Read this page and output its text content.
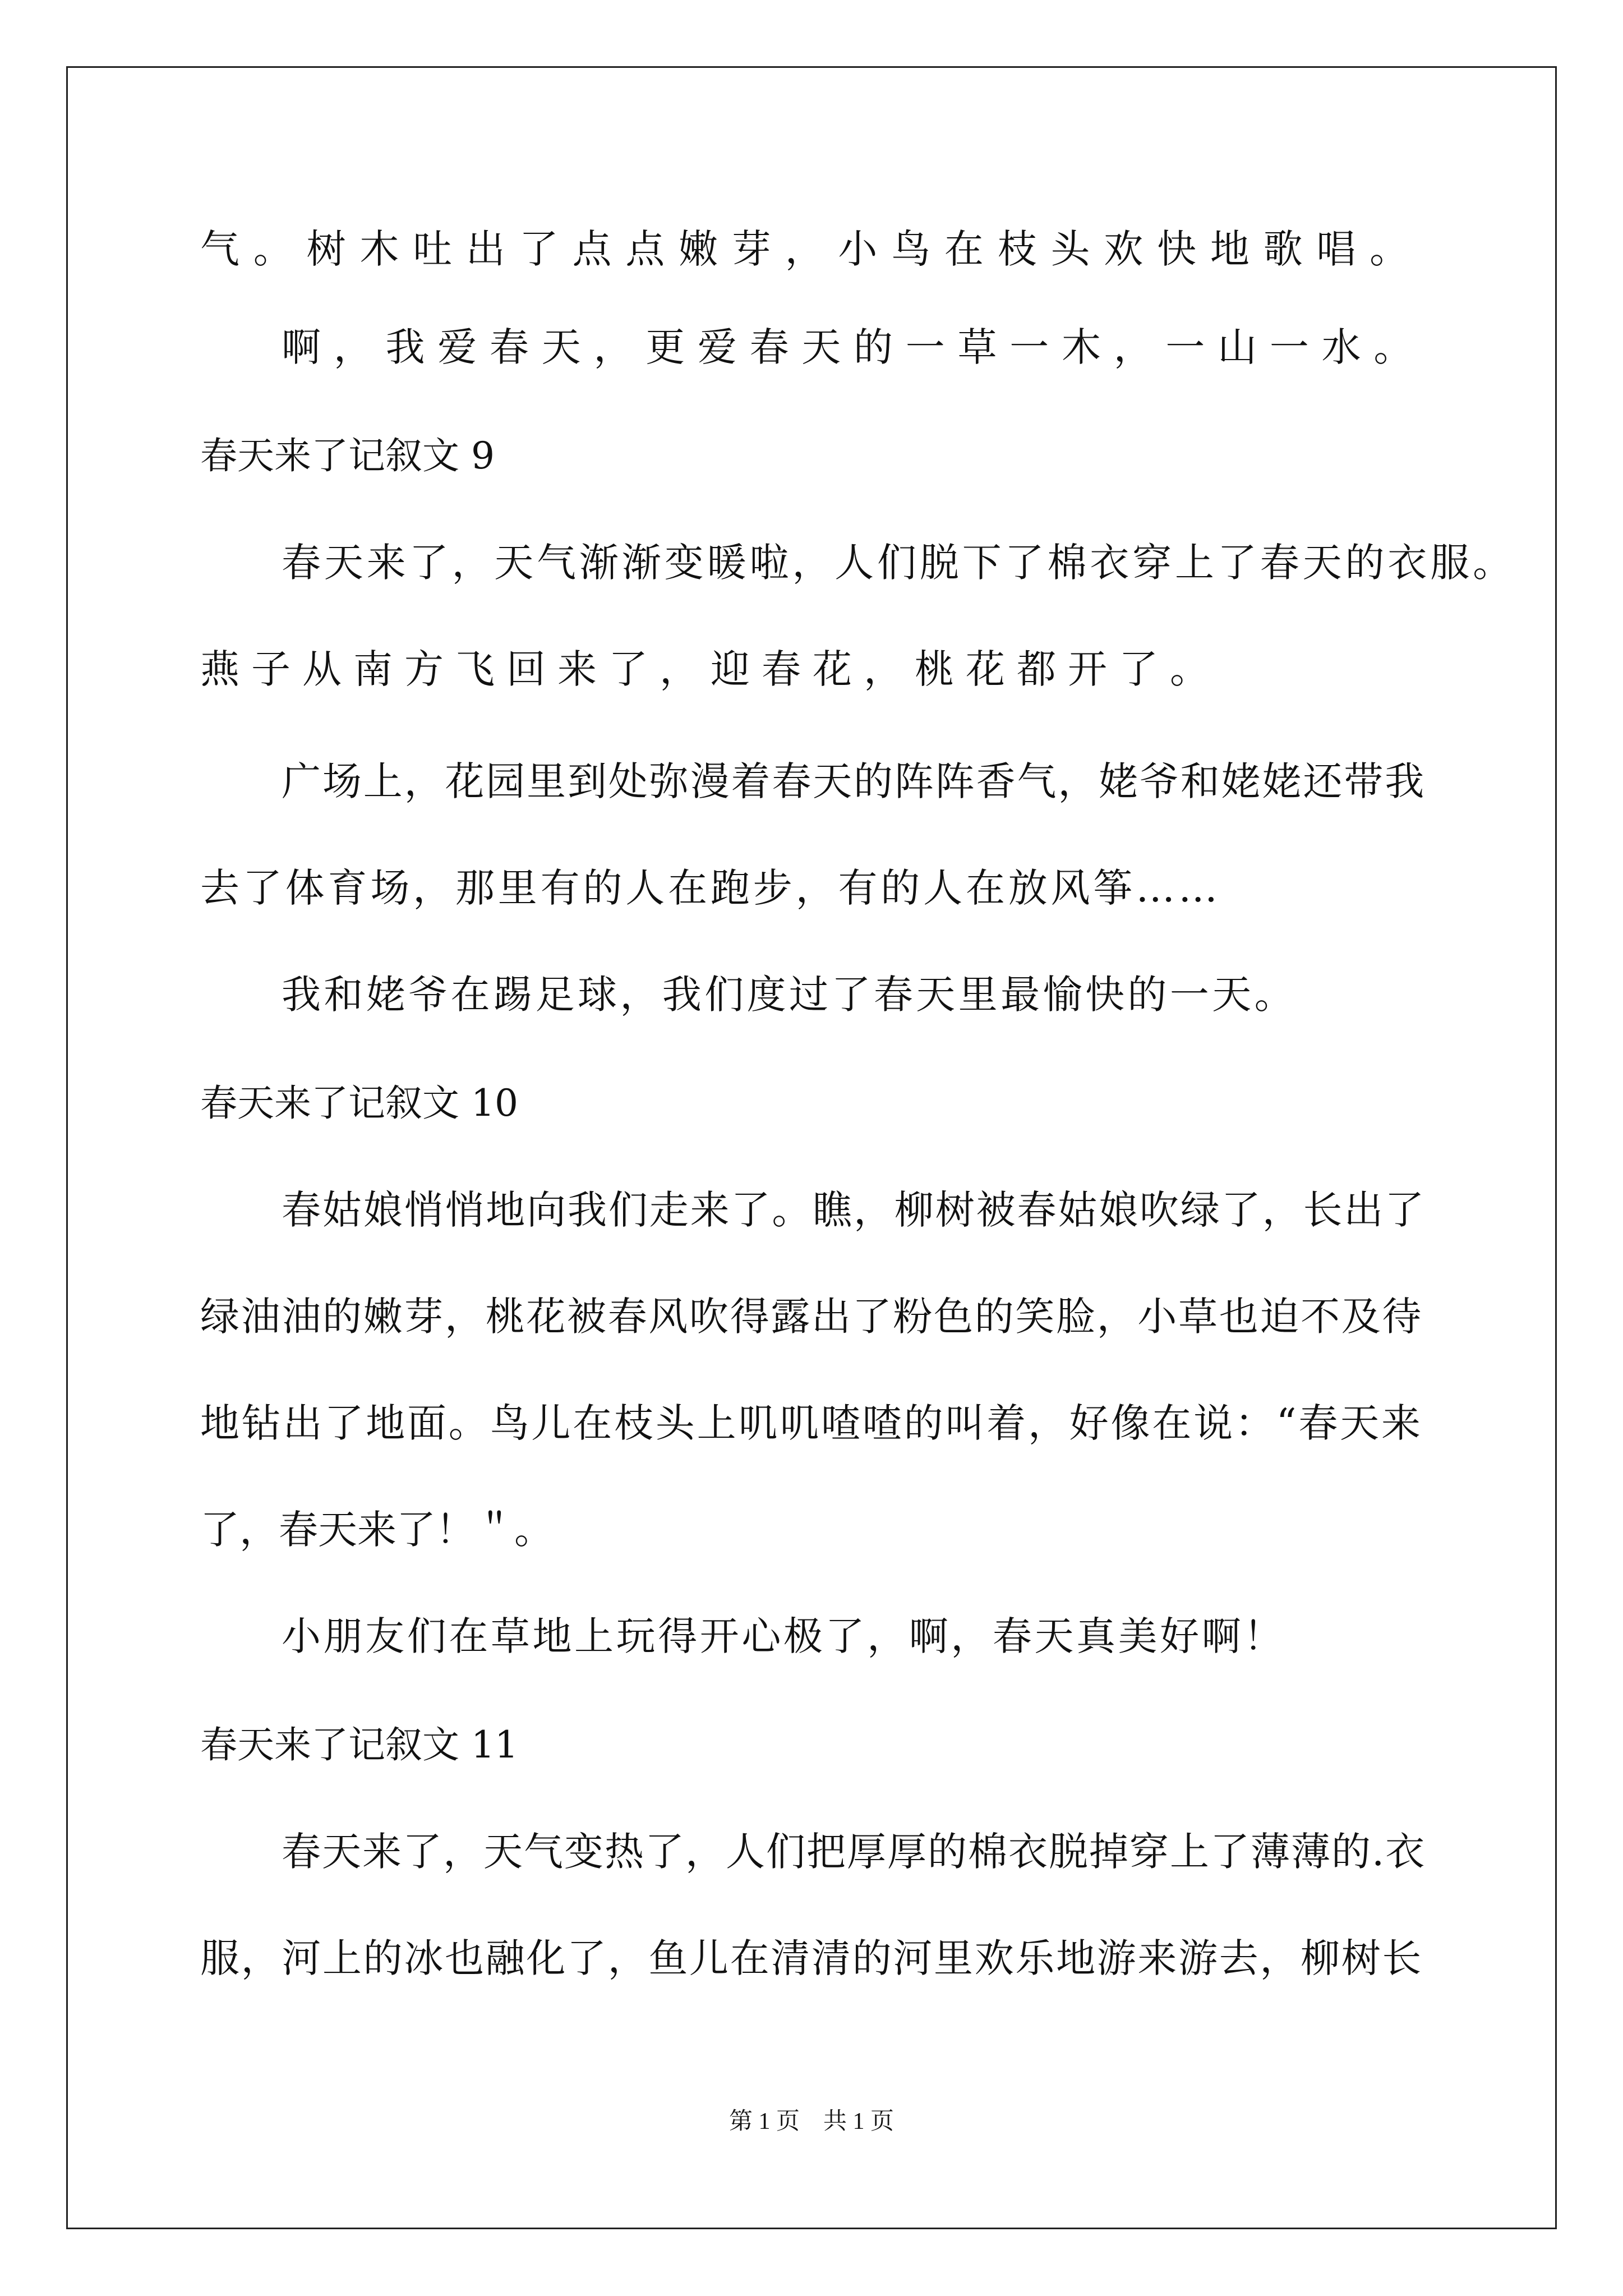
气。树木吐出了点点嫩芽，小鸟在枝头欢快地歌唱。
啊，我爱春天，更爱春天的一草一木，一山一水。
春天来了记叙文 9
春天来了，天气渐渐变暖啦，人们脱下了棉衣穿上了春天的衣服。
燕子从南方飞回来了，迎春花，桃花都开了。
广场上，花园里到处弥漫着春天的阵阵香气，姥爷和姥姥还带我
去了体育场，那里有的人在跑步，有的人在放风筝……
我和姥爷在踢足球，我们度过了春天里最愉快的一天。
春天来了记叙文 10
春姑娘悄悄地向我们走来了。瞧，柳树被春姑娘吹绿了，长出了
绿油油的嫩芽，桃花被春风吹得露出了粉色的笑脸，小草也迫不及待
地钻出了地面。鸟儿在枝头上叽叽喳喳的叫着，好像在说：“春天来
了，春天来了！＂。
小朋友们在草地上玩得开心极了，啊，春天真美好啊！
春天来了记叙文 11
春天来了，天气变热了，人们把厚厚的棉衣脱掉穿上了薄薄的.衣
服，河上的冰也融化了，鱼儿在清清的河里欢乐地游来游去，柳树长
第 1 页　共 1 页
